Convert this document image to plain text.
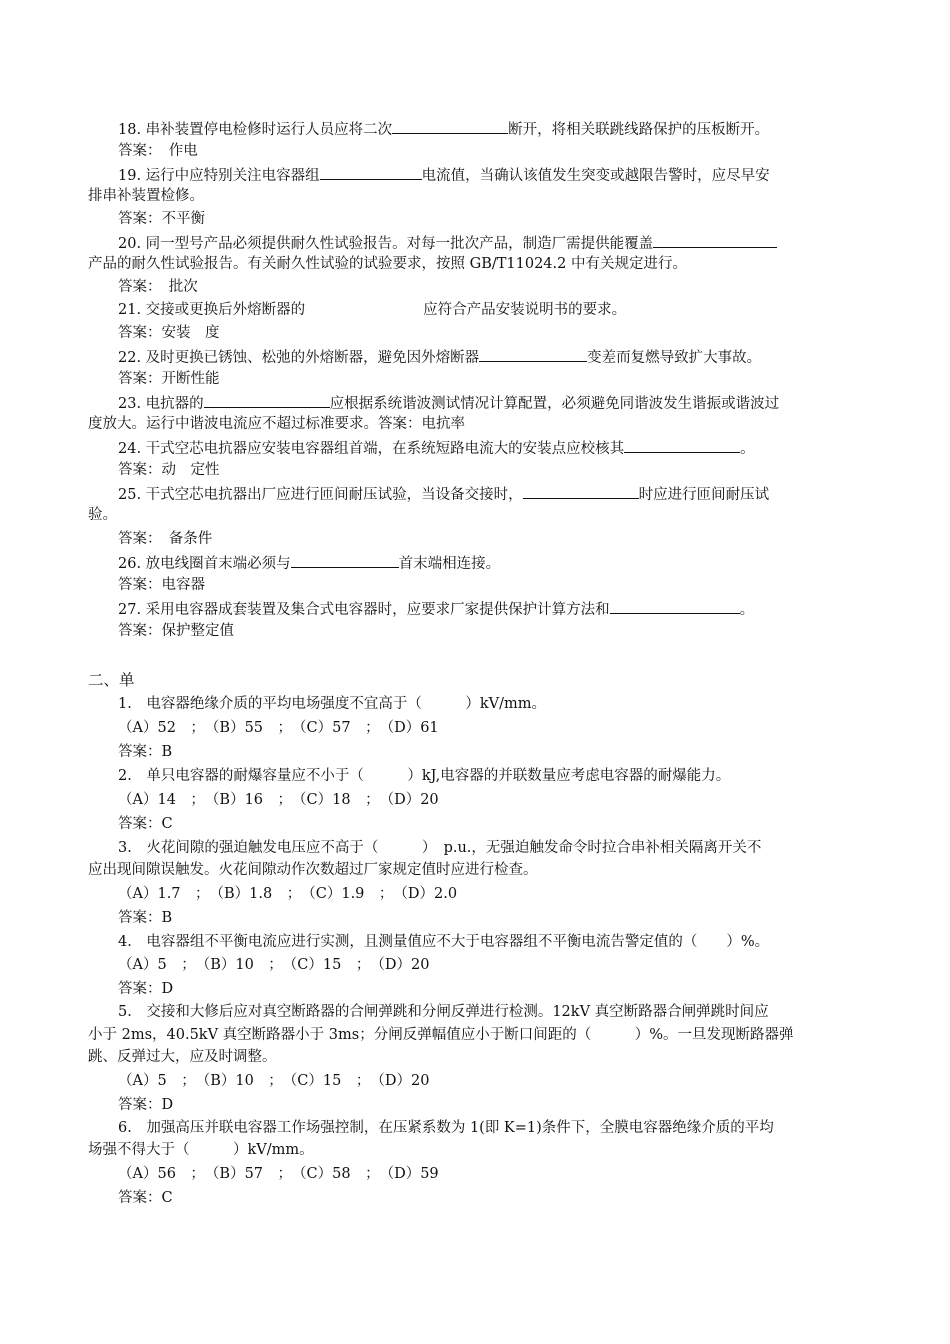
18. 串补装置停电检修时运行人员应将二次	断开，将相关联跳线路保护的压板断开。
答案：　作电
19. 运行中应特别关注电容器组	电流值，当确认该值发生突变或越限告警时，应尽早安
排串补装置检修。
答案：不平衡
20. 同一型号产品必须提供耐久性试验报告。对每一批次产品，制造厂需提供能覆盖
产品的耐久性试验报告。有关耐久性试验的试验要求，按照 GB/T11024.2 中有关规定进行。
答案：　批次
21. 交接或更换后外熔断器的	应符合产品安装说明书的要求。
答案：安装　度
22. 及时更换已锈蚀、松弛的外熔断器，避免因外熔断器	变差而复燃导致扩大事故。
答案：开断性能
23. 电抗器的	应根据系统谐波测试情况计算配置，必须避免同谐波发生谐振或谐波过
度放大。运行中谐波电流应不超过标准要求。答案：电抗率
24. 干式空芯电抗器应安装电容器组首端，在系统短路电流大的安装点应校核其	。
答案：动　定性
25. 干式空芯电抗器出厂应进行匝间耐压试验，当设备交接时，	时应进行匝间耐压试
验。
答案：　备条件
26. 放电线圈首末端必须与	首末端相连接。
答案：电容器
27. 采用电容器成套装置及集合式电容器时，应要求厂家提供保护计算方法和	。
答案：保护整定值
二、单
1.　电容器绝缘介质的平均电场强度不宜高于（　　　）kV/mm。
（A）52　；　（B）55　；　（C）57　；　（D）61
答案：B
2.　单只电容器的耐爆容量应不小于（　　　）kJ,电容器的并联数量应考虑电容器的耐爆能力。
（A）14　；　（B）16　；　（C）18　；　（D）20
答案：C
3.　火花间隙的强迫触发电压应不高于（　　　）　p.u.，无强迫触发命令时拉合串补相关隔离开关不
应出现间隙误触发。火花间隙动作次数超过厂家规定值时应进行检查。
（A）1.7　；　（B）1.8　；　（C）1.9　；　（D）2.0
答案：B
4.　电容器组不平衡电流应进行实测，且测量值应不大于电容器组不平衡电流告警定值的（　　）%。
（A）5　；　（B）10　；　（C）15　；　（D）20
答案：D
5.　交接和大修后应对真空断路器的合闸弹跳和分闸反弹进行检测。12kV 真空断路器合闸弹跳时间应
小于 2ms，40.5kV 真空断路器小于 3ms；分闸反弹幅值应小于断口间距的（　　　）%。一旦发现断路器弹
跳、反弹过大，应及时调整。
（A）5　；　（B）10　；　（C）15　；　（D）20
答案：D
6.　加强高压并联电容器工作场强控制，在压紧系数为 1(即 K=1)条件下，全膜电容器绝缘介质的平均
场强不得大于（　　　）kV/mm。
（A）56　；　（B）57　；　（C）58　；　（D）59
答案：C
